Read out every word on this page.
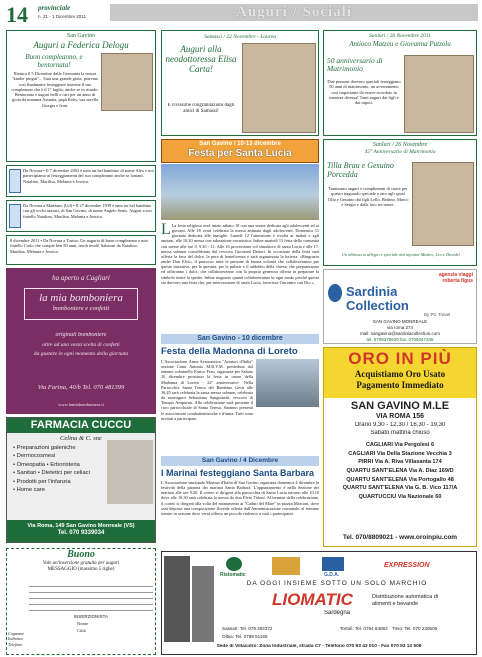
14 provinciale
n. 21 - 1 Dicembre 2011	Auguri / Sociali
San Gavino
Auguri a Federica Delogu
Buon compleanno, e bentornata!
Rientra il 5 Dicembre dalla Germania la nostra "kinder pingui"... Sarà una grande gioia, potremo così finalmente festeggiare insieme il suo compleanno che è il 1° luglio, anche se in ritardo. Bentornata e auguri belli e cari per un anno di gioia da mamma Assunta, papà Roby, sua sorella Giorgia e Ivan.
Samassi / 22 Novembre - Laurea
Auguri alla neodottoressa Elisa Carta!
E vivissime congratulazioni dagli amici di Samassi!
Sanluri / 26 Novembre 2011
Antioco Matzeu e Giovanna Putzolu
50 anniversario di Matrimonio
Due persone davvero speciali festeggiano 50 anni di matrimonio, un avvenimento così importante da essere ricordato in maniera diversa! Tanti auguri dai figli e dai nipoti.
Da Novara • Il 7 dicembre 2002 è nato un bel bambino di nome Alex e noi partecipiamo ai festeggiamenti del suo compleanno anche se lontani. Natalino, Marilisa, Melania e Jessica.
Da Novara a Manzano (Ud) • Il 27 dicembre 1939 è nato un bel bambino con gli occhi azzurri, di San Gavino, di nome Angelo Senis. Auguri a suo fratello Natalino, Marilisa, Melania e Jessica.
8 dicembre 2011 • Da Novara a Torino. Un augurio di buon compleanno a mio fratello Carlo che compie ben 50 anni, tesoh tesoh! Salutoni da Natalino, Marilisa, Melania e Jessica.
San Gavino / 10-13 dicembre
Festa per Santa Lucia
L La festa religiosa avrà inizio sabato 10 con una serata dedicata agli adolescenti ed ai giovani. Alle 18 verrà celebrata la messa animata dagli adolescenti. Domenica 11 giornata dedicata alle famiglie. Lunedì 12 l'attenzione è rivolta ai malati e agli anziani, alle 16,30 messa con adorazione eucaristica. Infine martedì 13 festa della comunità con messe alle ore 9, 9.30 - 11. Alle 16 processione col simulacro di santa Lucia e alle 17, messa solenne concelebrata dal vescovo Giovanni Dettori. In occasione della festa sarà offerta la fava del dolce, la pera di beneficenza e sarà organizzata la lotteria. «Ringrazio anche Don Elvio, il parroco» tutte le persone di buona volontà che collaboreranno per queste iniziative, per la questua, per le pulizie e il addobbo della chiesa; che prepareranno ed offriranno i dolci; che collaboreranno con la propria generosa offerta in preparare la simbolo teatre la spettie. Infine ringrazio quanti collaboreranno in ogni modo perché questa sia davvero una festa che, per intercessione di santa Lucia, favorisca l'incontro con Dio.»
Sanluri / 26 Novembre
45° Anniversario di Matrimonio
Tilla Brau e Gesuino Porcedda
Tantissimi auguri e complimenti di cuore per questo traguardo speciale e raro agli sposi Tilla e Gesuino dai figli Lello, Bettino, Marco e Sergio e dalle loro tre nuore.
Un abbraccio allegro e speciale dal nipotini Matteo, Leo e Davide!
ha aperto a Cagliari
la mia bomboniera
bomboniere e confetti
originali bomboniere
oltre ad una vasta scelta di confetti
da gustare in ogni momento della giornata
Via Farina, 40/b Tel. 070 481399
www.lamiabomboniera.it
agenzia viaggi roberta figus
Sardinia
Collection
By PC Travel
SAN GAVINO MONREALE
via roma 274
mail: sangavino@sardiniacollection.com
tel. 0709375620 fax. 0709347345
San Gavino - 10 dicembre
Festa della Madonna di Loreto
L'Associazione Arma Aeronautica "Aviatori d'Italia" sezione Canu Antonio M.B.V.M. presieduta dal tenente colonnello Enrico Frau, organizza per Sabato 10 dicembre prossimo la festa in onore della Madonna di Loreto - 22° anniversario-. Nella Parrocchia Santa Teresa del Bambino Gesù alle 16,45 sarà celebrata la santa messa solenne, celebrata da monsignor Sebastiano Sanguinetti, vescovo di Tempio Ampurias. Alla celebrazione sarà presente il coro parrocchiale di Santa Teresa. Saranno presenti le associazioni combattentistiche e d'arma. Tutti sono invitati a partecipare.
ORO IN PIÙ
Acquistiamo Oro Usato
Pagamento Immediato
SAN GAVINO M.LE
VIA ROMA 156
Orario 9,30 - 12,30 / 16,30 - 19,30
Sabato mattina chiuso
CAGLIARI Via Pergolesi 6
CAGLIARI Via Della Stazione Vecchia 3
PIRRI Via A. Riva Villasanta 174
QUARTU SANT'ELENA Via A. Diaz 169/D
QUARTU SANT'ELENA Via Portogallo 48
QUARTU SANT'ELENA Via G. B. Vico 117/A
QUARTUCCIU Via Nazionale 60
Tel. 070/8809021 - www.oroinpiu.com
FARMACIA CUCCU
Celina & C. snc
• Preparazioni galeniche
• Dermocosmesi
• Omeopatia • Erboristeria
• Sanitari • Dietetici per celiaci
• Prodotti per l'infanzia
• Home care
Via Roma, 149 San Gavino Monreale (VS)
Tel. 070 9339034
San Gavino / 4 Dicembre
I Marinai festeggiano Santa Barbara
L'Associazione nazionale Marinai d'Italia di San Gavino organizza domenica 4 dicembre la festività della patrona dei marinai Santa Barbara. L'appuntamento è nella Sezione dei marinai alle ore 9.20. Il corteo si dirigerà alla parrocchia di Santa Lucia intorno alle 10.10 dove alle 10,30 sarà celebrata la messa da don Elvio Tidoni. Al termine della celebrazione, il corteo si dirigerà alla volta del monumento ai "Caduti del Mare" in piazza Marconi, dove sarà deposta una composizione floreale offerta dall'Amministrazione comunale, al termine rientro in sezione dove verrà offerto un piccolo rinfresco a tutti i partecipanti.
Buono
Vale un'inserzione gratuita per auguri
MESSAGGIO (massimo 5 righe)
INSERZIONISTA
Nome
Città
Cognome
Indirizzo
Telefono
Ristomatic	G.D.A.
EXPRESSION
DA OGGI INSIEME SOTTO UN SOLO MARCHIO
LIOMATIC
Sardegna
Distribuzione automatica di alimenti e bevande
Sassari: Tel. 079 262372
Olbia: Tel. 0789 51155
Tortolì: Tel. 0784 84082 Tirso: Tel. 070 230506
Sede di Villacidro: Zona Industriale, strada C7 - Telefono 070 93 43 010 - Fax 070 93 13 508
